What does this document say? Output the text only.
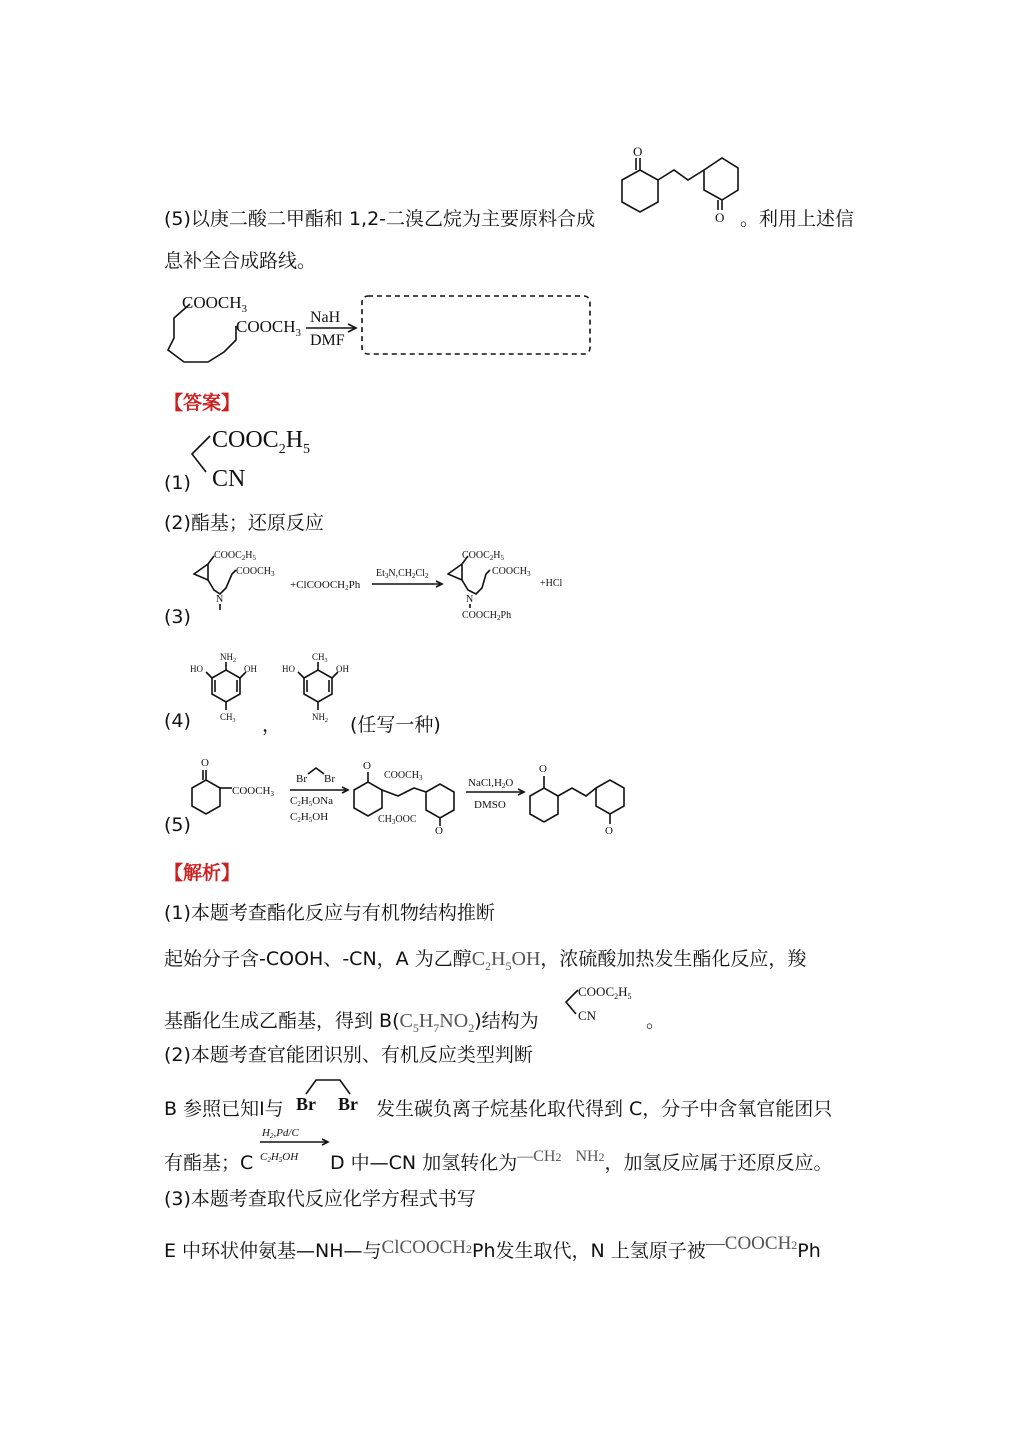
(5)以庚二酸二甲酯和 1,2-二溴乙烷为主要原料合成
O
O 。利用上述信
息补全合成路线。
$COOCH_3$
$COOCH_3$
NaH
DMF
【答案】
(1)
$COOC_2H_5$
CN
(2)酯基；还原反应
(3)
$COOC_2H_5$
$COOCH_3$
N
+ClCOOCH2Ph
$Et_3N,CH_2Cl_2$
$COOC_2H_5$
$COOCH_3$
+HCl
N
$COOCH_2Ph$
(4)
HO
$NH_2$
OH
$CH_3$
HO
$CH_3$
OH
$NH_2$
，	(任写一种)
(5)
O
COOCH3
Br Br
C2H5ONa
C2H5OH
O
$COOCH_3$
O
$CH_3OOC$
NaCl,H2O
DMSO
O
O
【解析】
(1)本题考查酯化反应与有机物结构推断
起始分子含-COOH、-CN，A 为乙醇$C_2H_5OH$，浓硫酸加热发生酯化反应，羧
基酯化生成乙酯基，得到 $B(C_5H_7NO_2)$结构为
$COOC_2H_5$
CN	。
(2)本题考查官能团识别、有机反应类型判断
B 参照已知I与 Br Br 发生碳负离子烷基化取代得到 C，分子中含氧官能团只
有酯基；C
H2,Pd/C
C2H5OH D 中—CN 加氢转化为$^{—CH2}$ $^{NH2}$，加氢反应属于还原反应。
(3)本题考查取代反应化学方程式书写
E 中环状仲氨基—NH—与ClCOOCH2Ph发生取代，N 上氢原子被—COOCH2Ph
